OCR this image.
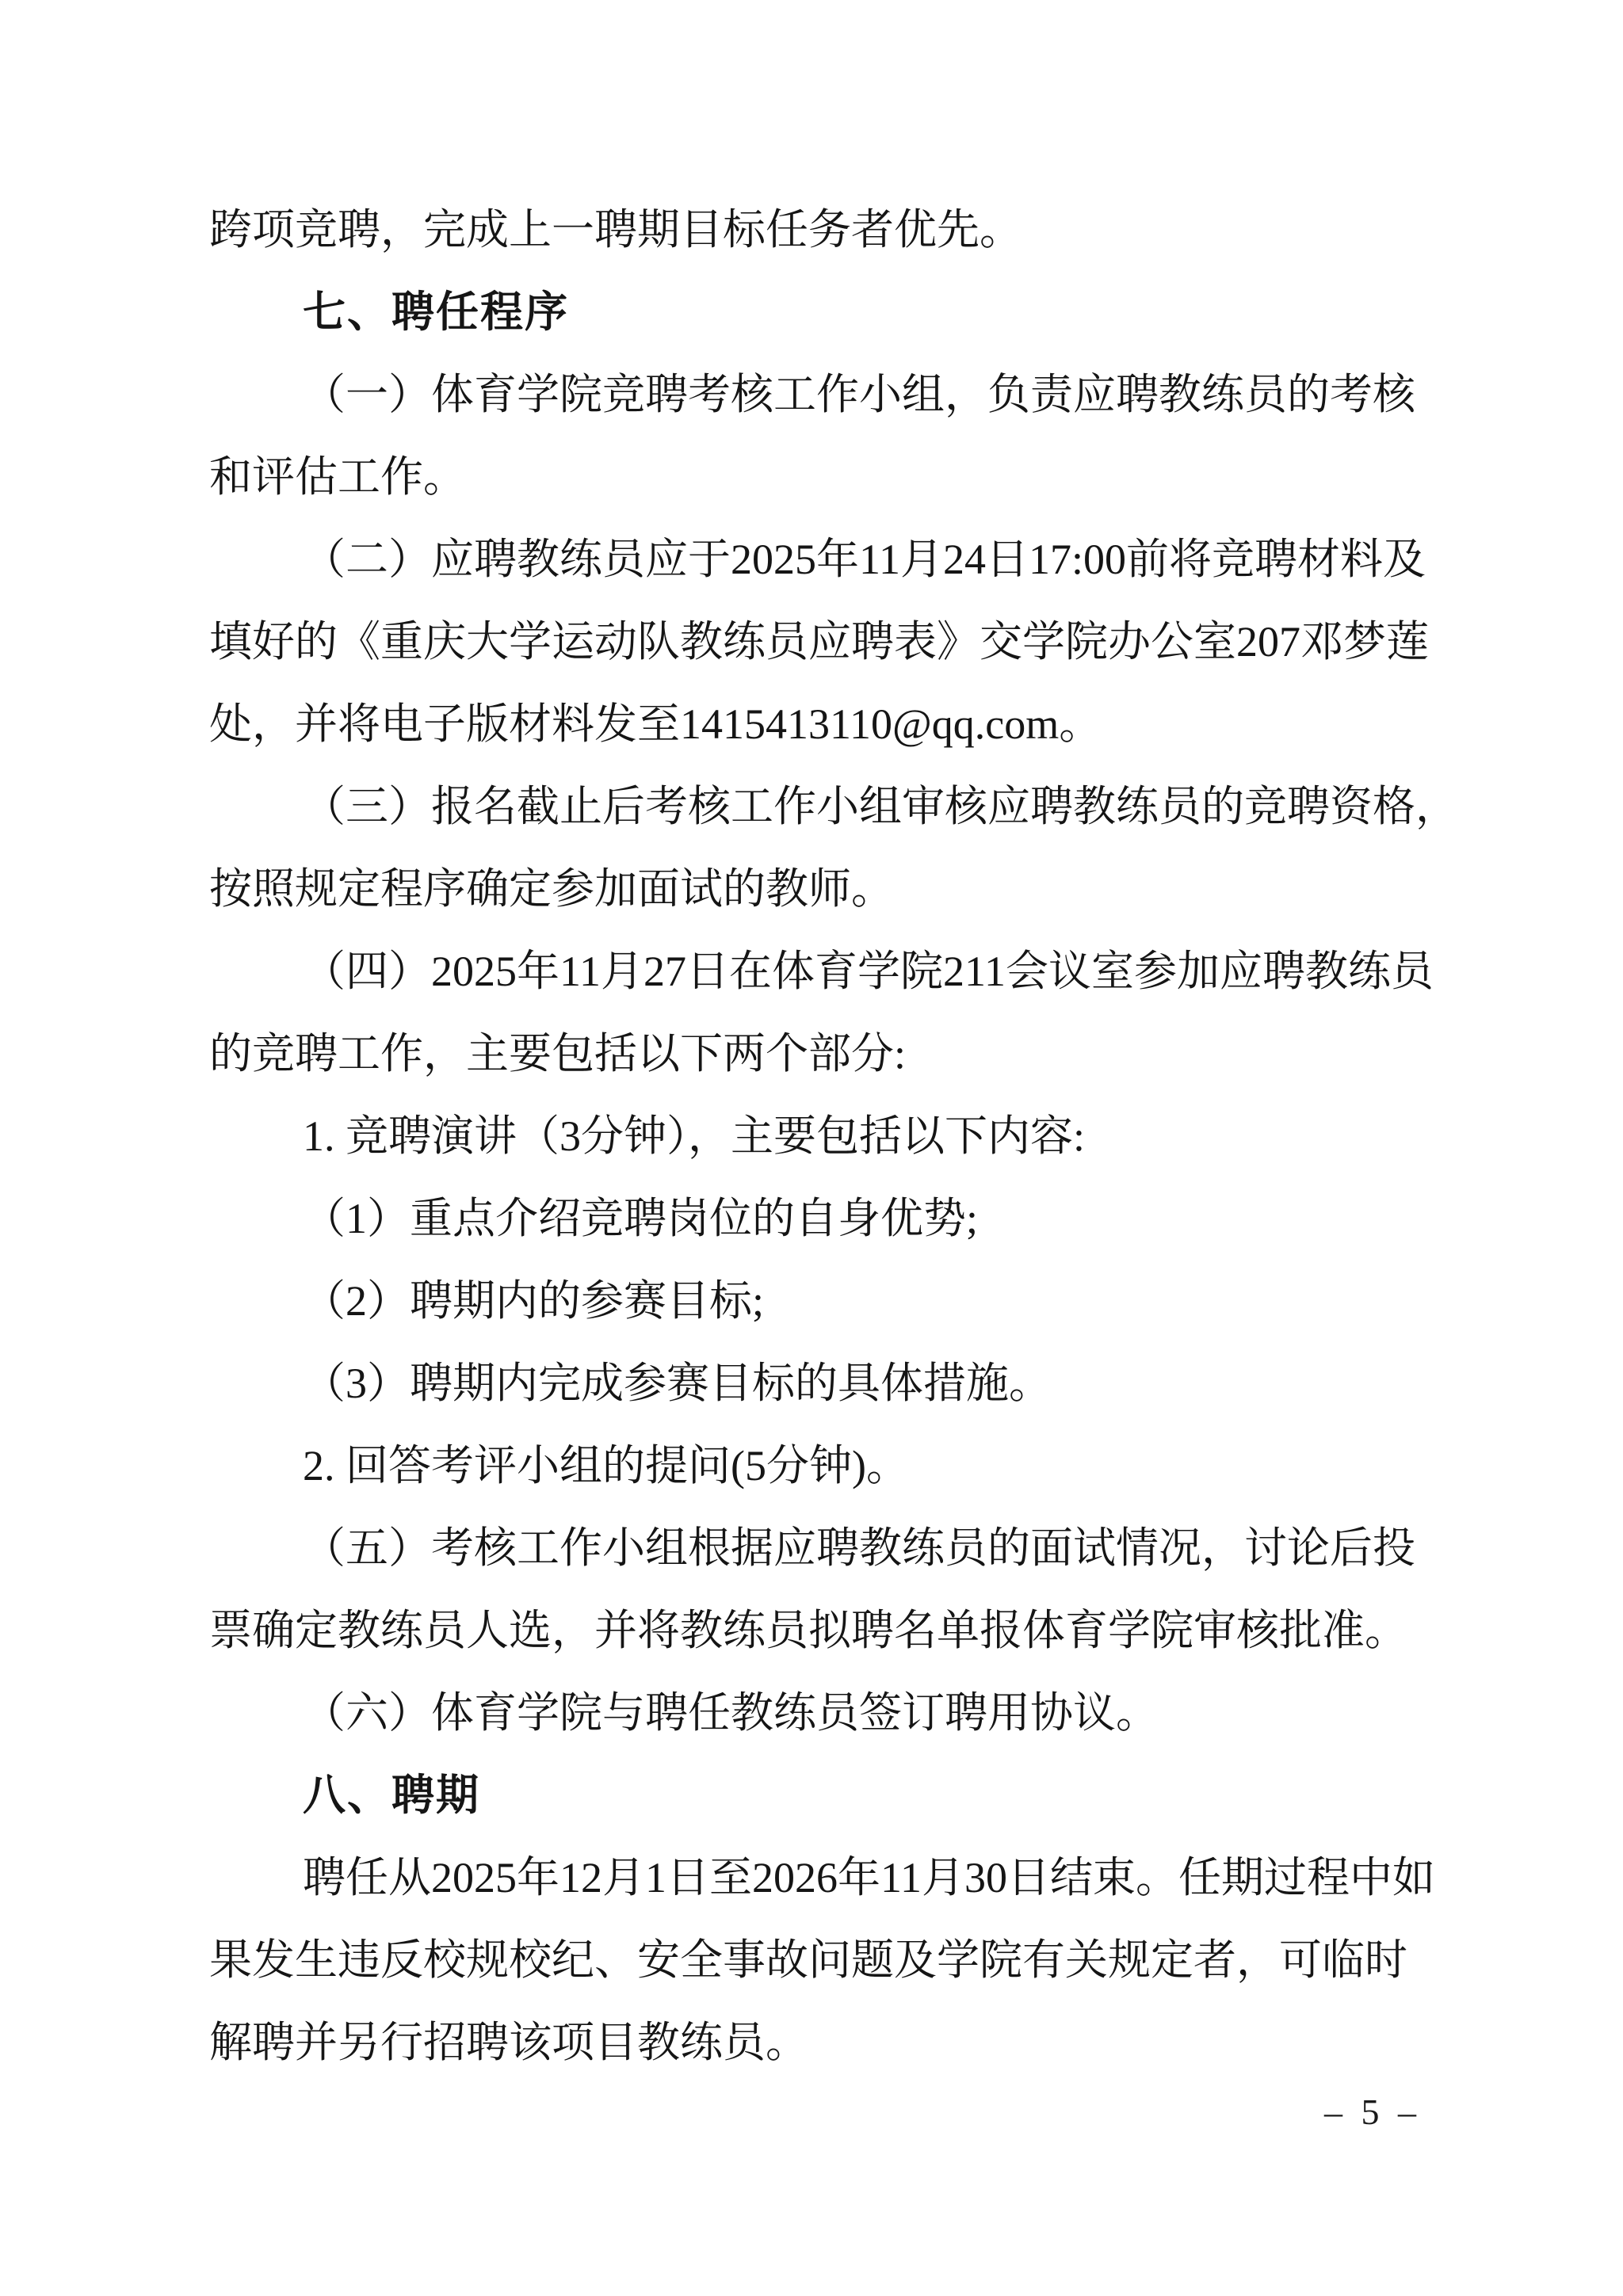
跨项竞聘，完成上一聘期目标任务者优先。
七、聘任程序
（一）体育学院竞聘考核工作小组，负责应聘教练员的考核
和评估工作。
（二）应聘教练员应于2025年11月24日17:00前将竞聘材料及
填好的《重庆大学运动队教练员应聘表》交学院办公室207邓梦莲
处，并将电子版材料发至1415413110@qq.com。
（三）报名截止后考核工作小组审核应聘教练员的竞聘资格，
按照规定程序确定参加面试的教师。
（四）2025年11月27日在体育学院211会议室参加应聘教练员
的竞聘工作，主要包括以下两个部分:
1. 竞聘演讲（3分钟），主要包括以下内容:
（1）重点介绍竞聘岗位的自身优势;
（2）聘期内的参赛目标;
（3）聘期内完成参赛目标的具体措施。
2. 回答考评小组的提问(5分钟)。
（五）考核工作小组根据应聘教练员的面试情况，讨论后投
票确定教练员人选，并将教练员拟聘名单报体育学院审核批准。
（六）体育学院与聘任教练员签订聘用协议。
八、聘期
聘任从2025年12月1日至2026年11月30日结束。任期过程中如
果发生违反校规校纪、安全事故问题及学院有关规定者，可临时
解聘并另行招聘该项目教练员。
– 5 –
